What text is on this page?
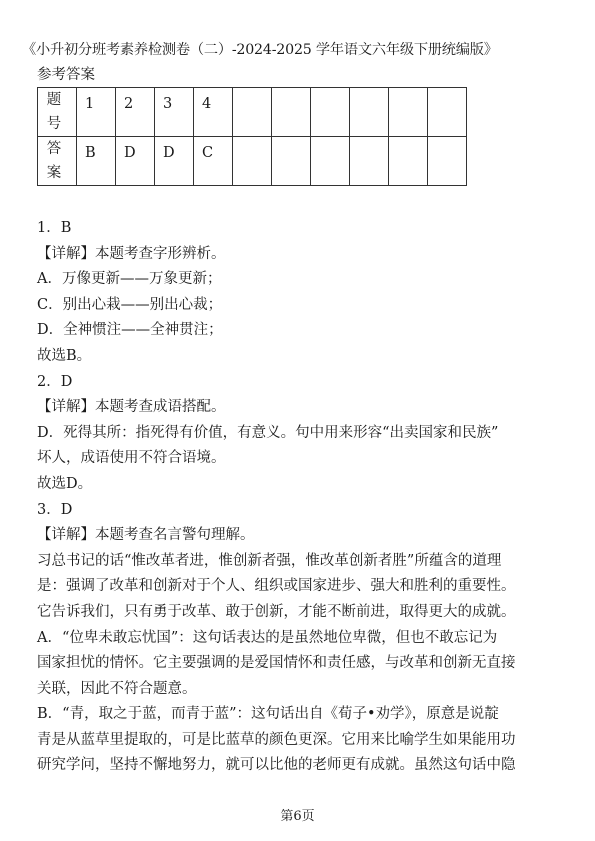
《小升初分班考素养检测卷（二）-2024-2025 学年语文六年级下册统编版》
参考答案
题号	1	2	3	4						

答案	B	D	D	C						

1．B

【详解】本题考查字形辨析。

A．万像更新——万象更新；

C．别出心栽——别出心裁；

D．全神惯注——全神贯注；

故选B。

2．D

【详解】本题考查成语搭配。

D．死得其所：指死得有价值，有意义。句中用来形容“出卖国家和民族”

坏人，成语使用不符合语境。

故选D。

3．D

【详解】本题考查名言警句理解。

习总书记的话“惟改革者进，惟创新者强，惟改革创新者胜”所蕴含的道理

是：强调了改革和创新对于个人、组织或国家进步、强大和胜利的重要性。

它告诉我们，只有勇于改革、敢于创新，才能不断前进，取得更大的成就。

A．“位卑未敢忘忧国”：这句话表达的是虽然地位卑微，但也不敢忘记为

国家担忧的情怀。它主要强调的是爱国情怀和责任感，与改革和创新无直接

关联，因此不符合题意。

B．“青，取之于蓝，而青于蓝”：这句话出自《荀子•劝学》，原意是说靛

青是从蓝草里提取的，可是比蓝草的颜色更深。它用来比喻学生如果能用功

研究学问，坚持不懈地努力，就可以比他的老师更有成就。虽然这句话中隐

第6页
